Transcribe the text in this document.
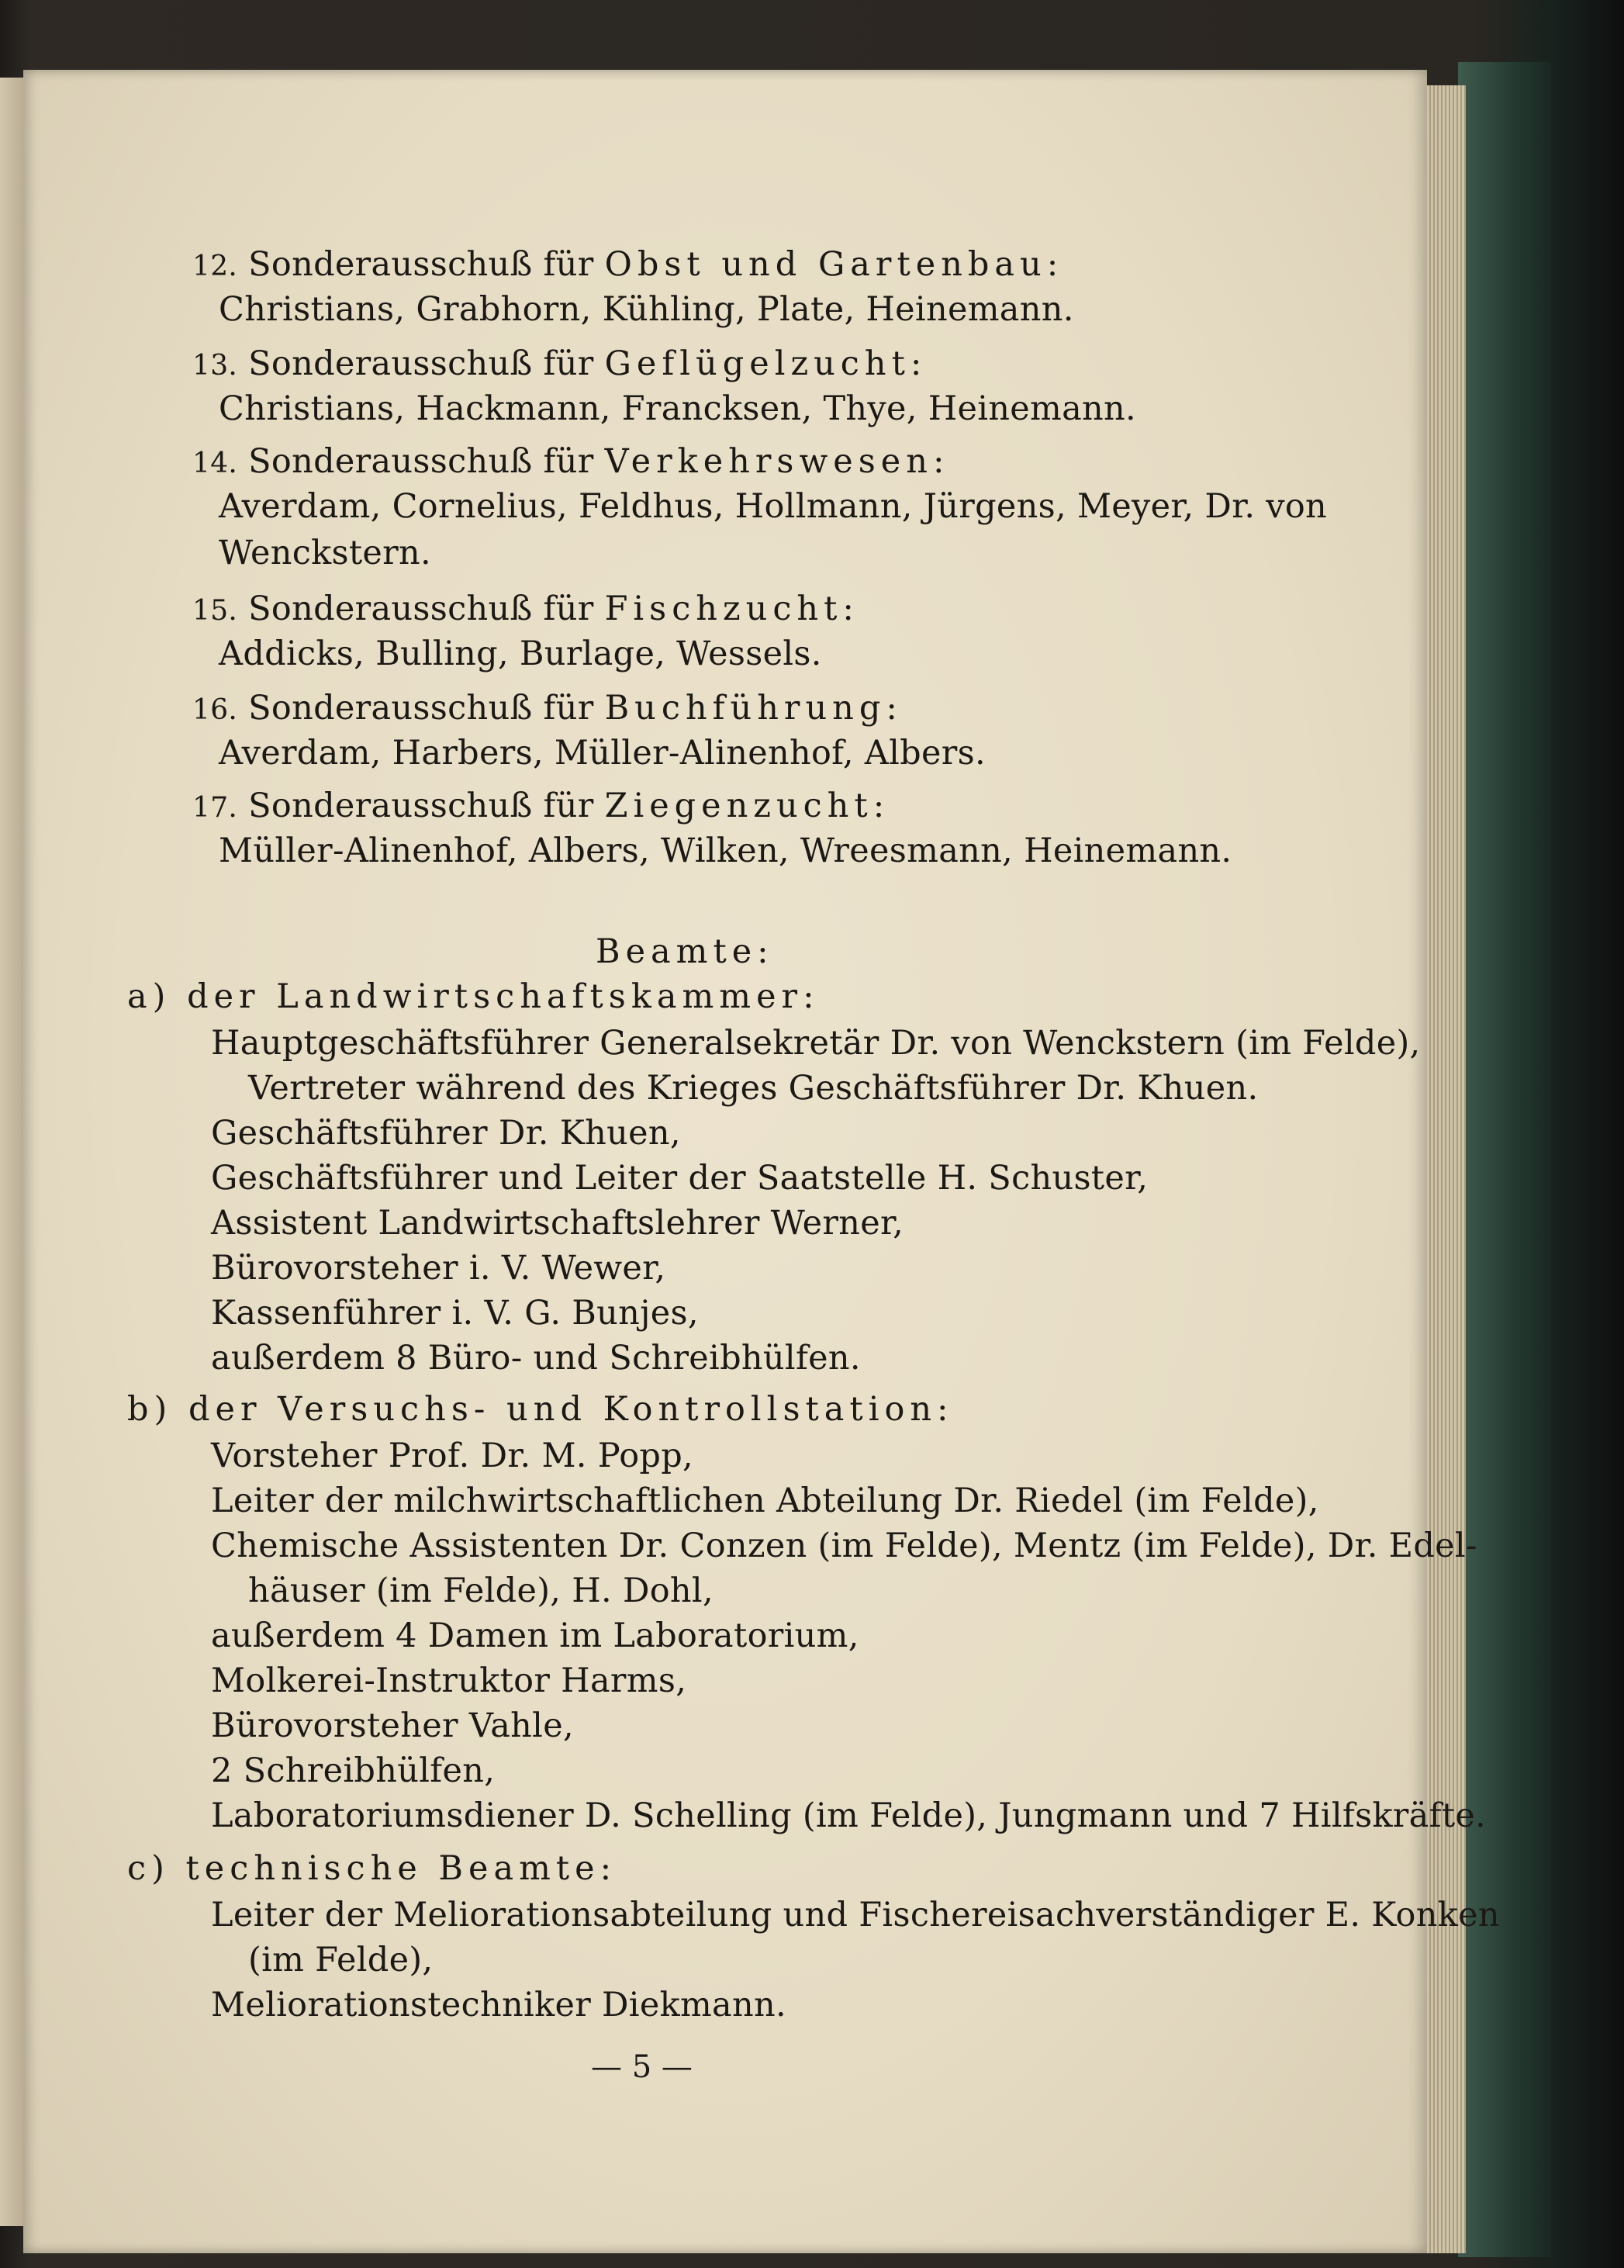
12. Sonderausschuß für Obst und Gartenbau:
Christians, Grabhorn, Kühling, Plate, Heinemann.
13. Sonderausschuß für Geflügelzucht:
Christians, Hackmann, Francksen, Thye, Heinemann.
14. Sonderausschuß für Verkehrswesen:
Averdam, Cornelius, Feldhus, Hollmann, Jürgens, Meyer, Dr. von
Wenckstern.
15. Sonderausschuß für Fischzucht:
Addicks, Bulling, Burlage, Wessels.
16. Sonderausschuß für Buchführung:
Averdam, Harbers, Müller-Alinenhof, Albers.
17. Sonderausschuß für Ziegenzucht:
Müller-Alinenhof, Albers, Wilken, Wreesmann, Heinemann.
Beamte:
a) der Landwirtschaftskammer:
Hauptgeschäftsführer Generalsekretär Dr. von Wenckstern (im Felde),
Vertreter während des Krieges Geschäftsführer Dr. Khuen.
Geschäftsführer Dr. Khuen,
Geschäftsführer und Leiter der Saatstelle H. Schuster,
Assistent Landwirtschaftslehrer Werner,
Bürovorsteher i. V. Wewer,
Kassenführer i. V. G. Bunjes,
außerdem 8 Büro- und Schreibhülfen.
b) der Versuchs- und Kontrollstation:
Vorsteher Prof. Dr. M. Popp,
Leiter der milchwirtschaftlichen Abteilung Dr. Riedel (im Felde),
Chemische Assistenten Dr. Conzen (im Felde), Mentz (im Felde), Dr. Edel-
häuser (im Felde), H. Dohl,
außerdem 4 Damen im Laboratorium,
Molkerei-Instruktor Harms,
Bürovorsteher Vahle,
2 Schreibhülfen,
Laboratoriumsdiener D. Schelling (im Felde), Jungmann und 7 Hilfskräfte.
c) technische Beamte:
Leiter der Meliorationsabteilung und Fischereisachverständiger E. Konken
(im Felde),
Meliorationstechniker Diekmann.
— 5 —
